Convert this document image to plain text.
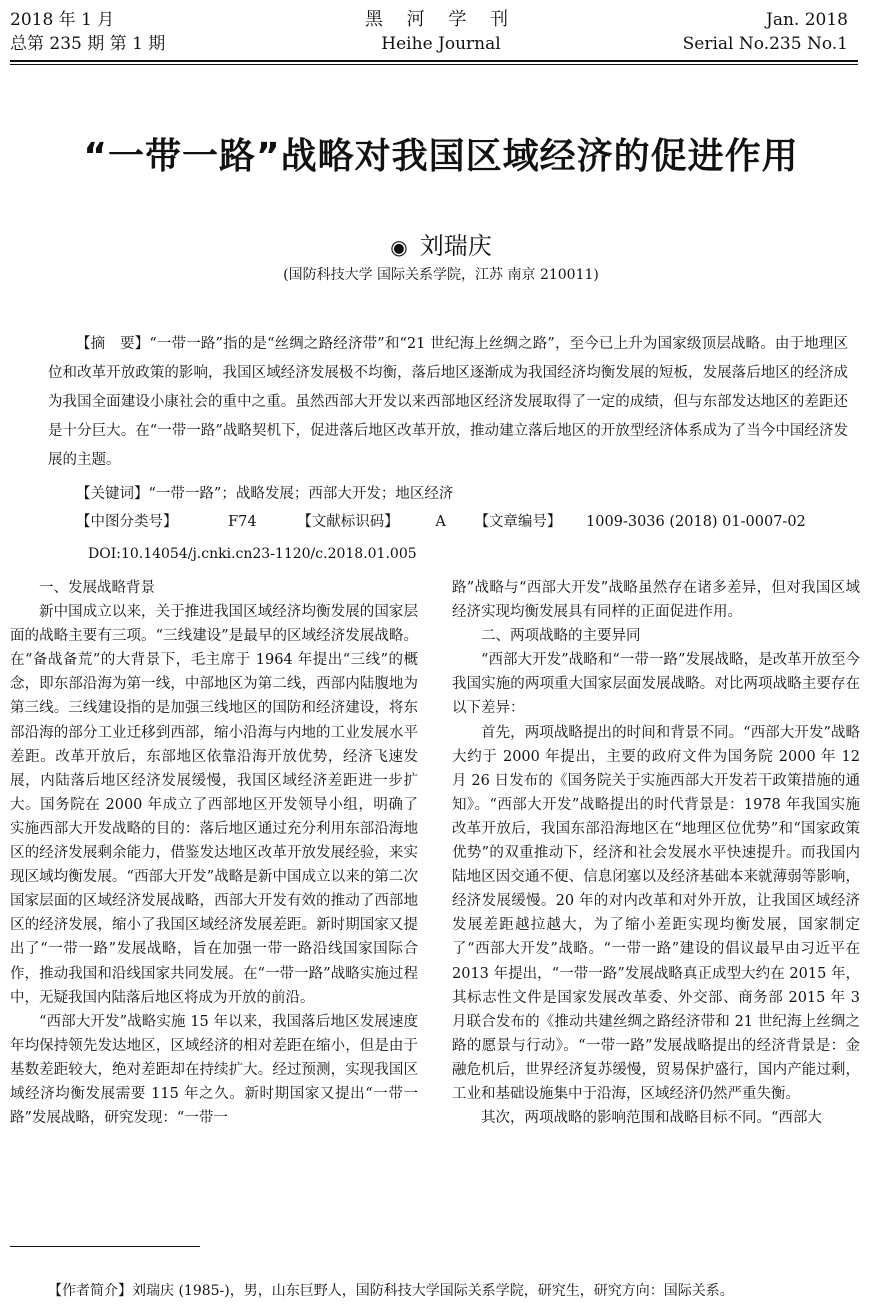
2018 年 1 月
总第 235 期 第 1 期
黑 河 学 刊
Heihe Journal
Jan. 2018
Serial No.235 No.1
“一带一路”战略对我国区域经济的促进作用
◉ 刘瑞庆
(国防科技大学 国际关系学院，江苏 南京 210011)
【摘　要】“一带一路”指的是“丝绸之路经济带”和“21 世纪海上丝绸之路”，至今已上升为国家级顶层战略。由于地理区位和改革开放政策的影响，我国区域经济发展极不均衡，落后地区逐渐成为我国经济均衡发展的短板，发展落后地区的经济成为我国全面建设小康社会的重中之重。虽然西部大开发以来西部地区经济发展取得了一定的成绩，但与东部发达地区的差距还是十分巨大。在“一带一路”战略契机下，促进落后地区改革开放，推动建立落后地区的开放型经济体系成为了当今中国经济发展的主题。
【关键词】“一带一路”；战略发展；西部大开发；地区经济
【中图分类号】	F74	【文献标识码】	A 【文章编号】 1009-3036 (2018) 01-0007-02
DOI:10.14054/j.cnki.cn23-1120/c.2018.01.005
一、发展战略背景

新中国成立以来，关于推进我国区域经济均衡发展的国家层面的战略主要有三项。“三线建设”是最早的区域经济发展战略。在“备战备荒”的大背景下，毛主席于 1964 年提出“三线”的概念，即东部沿海为第一线，中部地区为第二线，西部内陆腹地为第三线。三线建设指的是加强三线地区的国防和经济建设，将东部沿海的部分工业迁移到西部，缩小沿海与内地的工业发展水平差距。改革开放后，东部地区依靠沿海开放优势，经济飞速发展，内陆落后地区经济发展缓慢，我国区域经济差距进一步扩大。国务院在 2000 年成立了西部地区开发领导小组，明确了实施西部大开发战略的目的：落后地区通过充分利用东部沿海地区的经济发展剩余能力，借鉴发达地区改革开放发展经验，来实现区域均衡发展。“西部大开发”战略是新中国成立以来的第二次国家层面的区域经济发展战略，西部大开发有效的推动了西部地区的经济发展，缩小了我国区域经济发展差距。新时期国家又提出了“一带一路”发展战略，旨在加强一带一路沿线国家国际合作，推动我国和沿线国家共同发展。在“一带一路”战略实施过程中，无疑我国内陆落后地区将成为开放的前沿。

“西部大开发”战略实施 15 年以来，我国落后地区发展速度年均保持领先发达地区，区域经济的相对差距在缩小，但是由于基数差距较大，绝对差距却在持续扩大。经过预测，实现我国区域经济均衡发展需要 115 年之久。新时期国家又提出“一带一路”发展战略，研究发现：“一带一

路”战略与“西部大开发”战略虽然存在诸多差异，但对我国区域经济实现均衡发展具有同样的正面促进作用。

二、两项战略的主要异同

“西部大开发”战略和“一带一路”发展战略，是改革开放至今我国实施的两项重大国家层面发展战略。对比两项战略主要存在以下差异：

首先，两项战略提出的时间和背景不同。“西部大开发”战略大约于 2000 年提出，主要的政府文件为国务院 2000 年 12 月 26 日发布的《国务院关于实施西部大开发若干政策措施的通知》。“西部大开发”战略提出的时代背景是：1978 年我国实施改革开放后，我国东部沿海地区在“地理区位优势”和“国家政策优势”的双重推动下，经济和社会发展水平快速提升。而我国内陆地区因交通不便、信息闭塞以及经济基础本来就薄弱等影响，经济发展缓慢。20 年的对内改革和对外开放，让我国区域经济发展差距越拉越大，为了缩小差距实现均衡发展，国家制定了“西部大开发”战略。“一带一路”建设的倡议最早由习近平在 2013 年提出，“一带一路”发展战略真正成型大约在 2015 年，其标志性文件是国家发展改革委、外交部、商务部 2015 年 3 月联合发布的《推动共建丝绸之路经济带和 21 世纪海上丝绸之路的愿景与行动》。“一带一路”发展战略提出的经济背景是：金融危机后，世界经济复苏缓慢，贸易保护盛行，国内产能过剩，工业和基础设施集中于沿海，区域经济仍然严重失衡。

其次，两项战略的影响范围和战略目标不同。“西部大

【作者简介】刘瑞庆 (1985-)，男，山东巨野人，国防科技大学国际关系学院，研究生，研究方向：国际关系。
